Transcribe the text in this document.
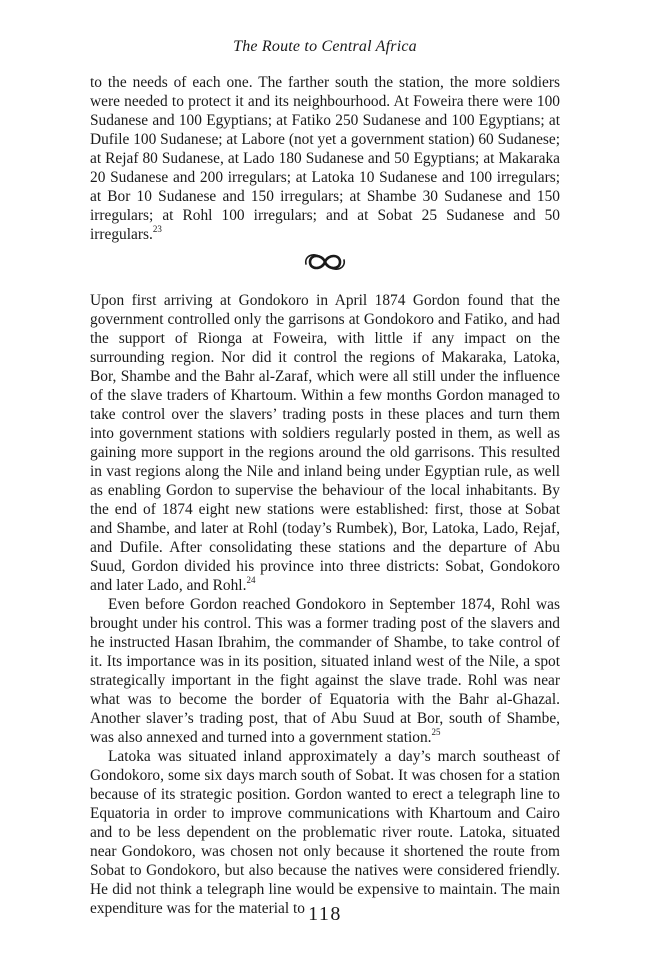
The Route to Central Africa

to the needs of each one. The farther south the station, the more soldiers were needed to protect it and its neighbourhood. At Foweira there were 100 Sudanese and 100 Egyptians; at Fatiko 250 Sudanese and 100 Egyptians; at Dufile 100 Sudanese; at Labore (not yet a government station) 60 Sudanese; at Rejaf 80 Sudanese, at Lado 180 Sudanese and 50 Egyptians; at Makaraka 20 Sudanese and 200 irregulars; at Latoka 10 Sudanese and 100 irregulars; at Bor 10 Sudanese and 150 irregulars; at Shambe 30 Sudanese and 150 irregulars; at Rohl 100 irregulars; and at Sobat 25 Sudanese and 50 irregulars.$^{23}$

Upon first arriving at Gondokoro in April 1874 Gordon found that the government controlled only the garrisons at Gondokoro and Fatiko, and had the support of Rionga at Foweira, with little if any impact on the surrounding region. Nor did it control the regions of Makaraka, Latoka, Bor, Shambe and the Bahr al-Zaraf, which were all still under the influence of the slave traders of Khartoum. Within a few months Gordon managed to take control over the slavers’ trading posts in these places and turn them into government stations with soldiers regularly posted in them, as well as gaining more support in the regions around the old garrisons. This resulted in vast regions along the Nile and inland being under Egyptian rule, as well as enabling Gordon to supervise the behaviour of the local inhabitants. By the end of 1874 eight new stations were established: first, those at Sobat and Shambe, and later at Rohl (today’s Rumbek), Bor, Latoka, Lado, Rejaf, and Dufile. After consolidating these stations and the departure of Abu Suud, Gordon divided his province into three districts: Sobat, Gondokoro and later Lado, and Rohl.$^{24}$

Even before Gordon reached Gondokoro in September 1874, Rohl was brought under his control. This was a former trading post of the slavers and he instructed Hasan Ibrahim, the commander of Shambe, to take control of it. Its importance was in its position, situated inland west of the Nile, a spot strategically important in the fight against the slave trade. Rohl was near what was to become the border of Equatoria with the Bahr al-Ghazal. Another slaver’s trading post, that of Abu Suud at Bor, south of Shambe, was also annexed and turned into a government station.$^{25}$

Latoka was situated inland approximately a day’s march southeast of Gondokoro, some six days march south of Sobat. It was chosen for a station because of its strategic position. Gordon wanted to erect a telegraph line to Equatoria in order to improve communications with Khartoum and Cairo and to be less dependent on the problematic river route. Latoka, situated near Gondokoro, was chosen not only because it shortened the route from Sobat to Gondokoro, but also because the natives were considered friendly. He did not think a telegraph line would be expensive to maintain. The main expenditure was for the material to 118
